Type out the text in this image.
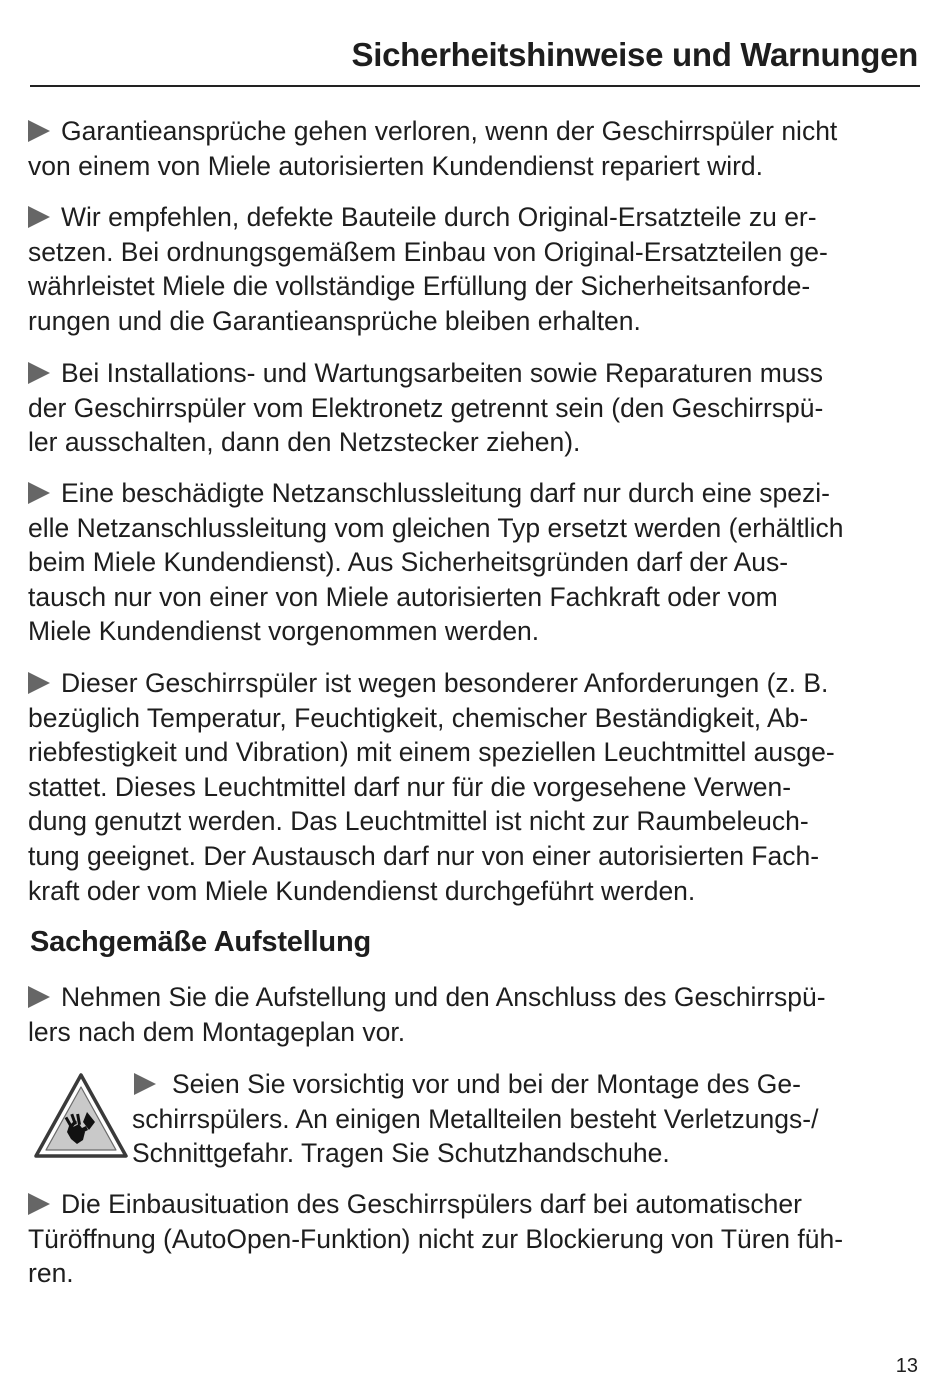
Sicherheitshinweise und Warnungen
Garantieansprüche gehen verloren, wenn der Geschirrspüler nicht
von einem von Miele autorisierten Kundendienst repariert wird.
Wir empfehlen, defekte Bauteile durch Original-Ersatzteile zu er-
setzen. Bei ordnungsgemäßem Einbau von Original-Ersatzteilen ge-
währleistet Miele die vollständige Erfüllung der Sicherheitsanforde-
rungen und die Garantieansprüche bleiben erhalten.
Bei Installations- und Wartungsarbeiten sowie Reparaturen muss
der Geschirrspüler vom Elektronetz getrennt sein (den Geschirrspü-
ler ausschalten, dann den Netzstecker ziehen).
Eine beschädigte Netzanschlussleitung darf nur durch eine spezi-
elle Netzanschlussleitung vom gleichen Typ ersetzt werden (erhältlich
beim Miele Kundendienst). Aus Sicherheitsgründen darf der Aus-
tausch nur von einer von Miele autorisierten Fachkraft oder vom
Miele Kundendienst vorgenommen werden.
Dieser Geschirrspüler ist wegen besonderer Anforderungen (z. B.
bezüglich Temperatur, Feuchtigkeit, chemischer Beständigkeit, Ab-
riebfestigkeit und Vibration) mit einem speziellen Leuchtmittel ausge-
stattet. Dieses Leuchtmittel darf nur für die vorgesehene Verwen-
dung genutzt werden. Das Leuchtmittel ist nicht zur Raumbeleuch-
tung geeignet. Der Austausch darf nur von einer autorisierten Fach-
kraft oder vom Miele Kundendienst durchgeführt werden.
Sachgemäße Aufstellung
Nehmen Sie die Aufstellung und den Anschluss des Geschirrspü-
lers nach dem Montageplan vor.
Seien Sie vorsichtig vor und bei der Montage des Ge-
schirrspülers. An einigen Metallteilen besteht Verletzungs-/
Schnittgefahr. Tragen Sie Schutzhandschuhe.
Die Einbausituation des Geschirrspülers darf bei automatischer
Türöffnung (AutoOpen-Funktion) nicht zur Blockierung von Türen füh-
ren.
13
